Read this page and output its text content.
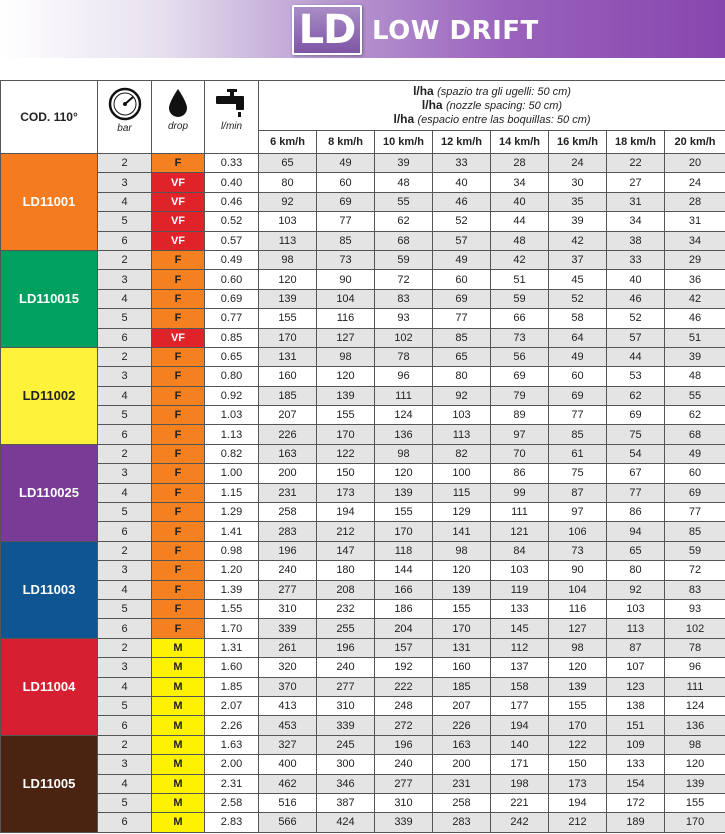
LD LOW DRIFT
COD. 110°	bar	drop	l/min	l/ha (spazio tra gli ugelli: 50 cm)
l/ha (nozzle spacing: 50 cm)
l/ha (espacio entre las boquillas: 50 cm)							

				6 km/h	8 km/h	10 km/h	12 km/h	14 km/h	16 km/h	18 km/h	20 km/h
LD11001	2	F	0.33	65	49	39	33	28	24	22	20
	3	VF	0.40	80	60	48	40	34	30	27	24
	4	VF	0.46	92	69	55	46	40	35	31	28
	5	VF	0.52	103	77	62	52	44	39	34	31
	6	VF	0.57	113	85	68	57	48	42	38	34
LD110015	2	F	0.49	98	73	59	49	42	37	33	29
	3	F	0.60	120	90	72	60	51	45	40	36
	4	F	0.69	139	104	83	69	59	52	46	42
	5	F	0.77	155	116	93	77	66	58	52	46
	6	VF	0.85	170	127	102	85	73	64	57	51
LD11002	2	F	0.65	131	98	78	65	56	49	44	39
	3	F	0.80	160	120	96	80	69	60	53	48
	4	F	0.92	185	139	111	92	79	69	62	55
	5	F	1.03	207	155	124	103	89	77	69	62
	6	F	1.13	226	170	136	113	97	85	75	68
LD110025	2	F	0.82	163	122	98	82	70	61	54	49
	3	F	1.00	200	150	120	100	86	75	67	60
	4	F	1.15	231	173	139	115	99	87	77	69
	5	F	1.29	258	194	155	129	111	97	86	77
	6	F	1.41	283	212	170	141	121	106	94	85
LD11003	2	F	0.98	196	147	118	98	84	73	65	59
	3	F	1.20	240	180	144	120	103	90	80	72
	4	F	1.39	277	208	166	139	119	104	92	83
	5	F	1.55	310	232	186	155	133	116	103	93
	6	F	1.70	339	255	204	170	145	127	113	102
LD11004	2	M	1.31	261	196	157	131	112	98	87	78
	3	M	1.60	320	240	192	160	137	120	107	96
	4	M	1.85	370	277	222	185	158	139	123	111
	5	M	2.07	413	310	248	207	177	155	138	124
	6	M	2.26	453	339	272	226	194	170	151	136
LD11005	2	M	1.63	327	245	196	163	140	122	109	98
	3	M	2.00	400	300	240	200	171	150	133	120
	4	M	2.31	462	346	277	231	198	173	154	139
	5	M	2.58	516	387	310	258	221	194	172	155
	6	M	2.83	566	424	339	283	242	212	189	170
